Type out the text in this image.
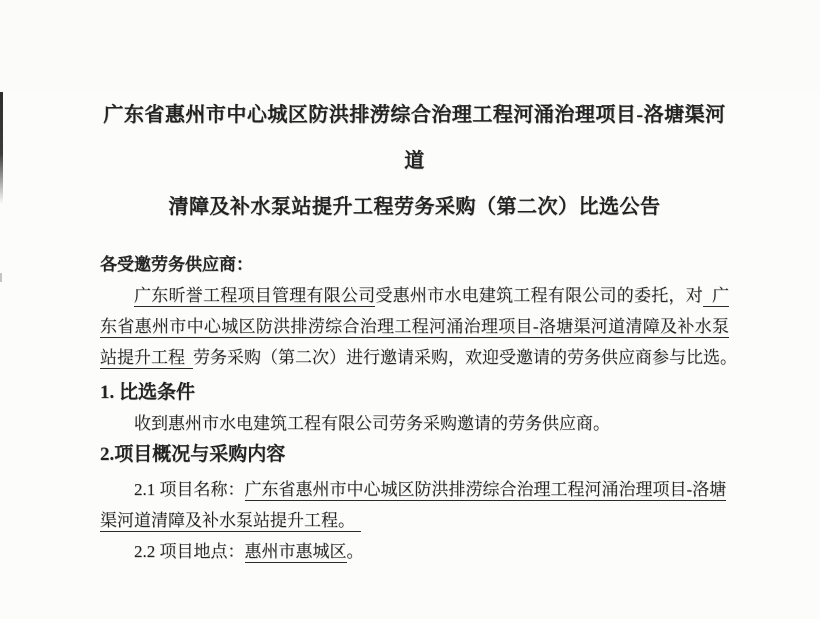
广东省惠州市中心城区防洪排涝综合治理工程河涌治理项目-洛塘渠河道
清障及补水泵站提升工程劳务采购（第二次）比选公告
各受邀劳务供应商：
广东昕誉工程项目管理有限公司受惠州市水电建筑工程有限公司的委托，对 广
东省惠州市中心城区防洪排涝综合治理工程河涌治理项目-洛塘渠河道清障及补水泵
站提升工程 劳务采购（第二次）进行邀请采购，欢迎受邀请的劳务供应商参与比选。
1. 比选条件
收到惠州市水电建筑工程有限公司劳务采购邀请的劳务供应商。
2.项目概况与采购内容
2.1 项目名称：广东省惠州市中心城区防洪排涝综合治理工程河涌治理项目-洛塘
渠河道清障及补水泵站提升工程。
2.2 项目地点：惠州市惠城区。
